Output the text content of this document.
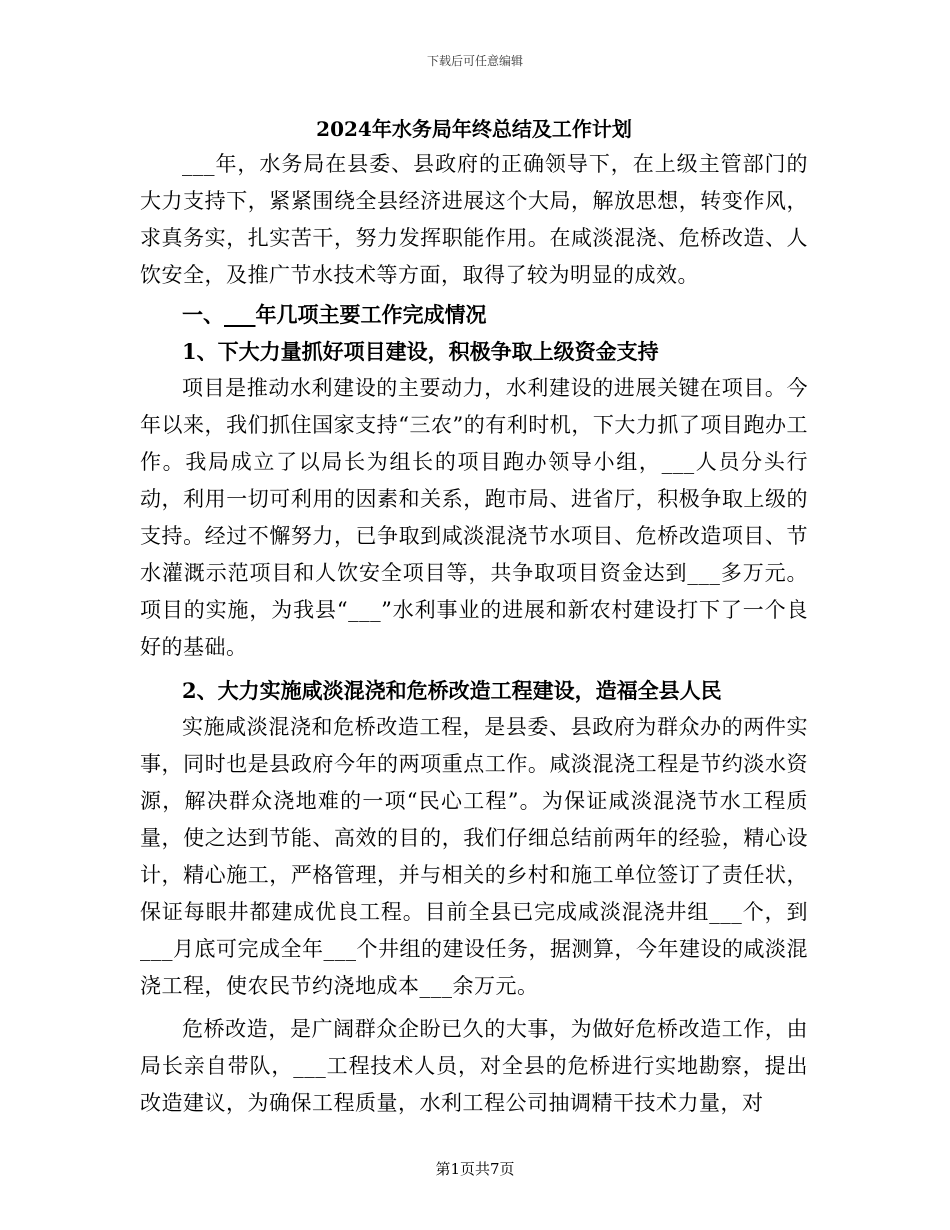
下载后可任意编辑
2024年水务局年终总结及工作计划

___年，水务局在县委、县政府的正确领导下，在上级主管部门的大力支持下，紧紧围绕全县经济进展这个大局，解放思想，转变作风，求真务实，扎实苦干，努力发挥职能作用。在咸淡混浇、危桥改造、人饮安全，及推广节水技术等方面，取得了较为明显的成效。

一、___年几项主要工作完成情况

1、下大力量抓好项目建设，积极争取上级资金支持

项目是推动水利建设的主要动力，水利建设的进展关键在项目。今年以来，我们抓住国家支持“三农”的有利时机，下大力抓了项目跑办工作。我局成立了以局长为组长的项目跑办领导小组，___人员分头行动，利用一切可利用的因素和关系，跑市局、进省厅，积极争取上级的支持。经过不懈努力，已争取到咸淡混浇节水项目、危桥改造项目、节水灌溉示范项目和人饮安全项目等，共争取项目资金达到___多万元。项目的实施，为我县“___”水利事业的进展和新农村建设打下了一个良好的基础。

2、大力实施咸淡混浇和危桥改造工程建设，造福全县人民

实施咸淡混浇和危桥改造工程，是县委、县政府为群众办的两件实事，同时也是县政府今年的两项重点工作。咸淡混浇工程是节约淡水资源，解决群众浇地难的一项“民心工程”。为保证咸淡混浇节水工程质量，使之达到节能、高效的目的，我们仔细总结前两年的经验，精心设计，精心施工，严格管理，并与相关的乡村和施工单位签订了责任状，保证每眼井都建成优良工程。目前全县已完成咸淡混浇井组___个，到___月底可完成全年___个井组的建设任务，据测算，今年建设的咸淡混浇工程，使农民节约浇地成本___余万元。

危桥改造，是广阔群众企盼已久的大事，为做好危桥改造工作，由局长亲自带队，___工程技术人员，对全县的危桥进行实地勘察，提出改造建议，为确保工程质量，水利工程公司抽调精干技术力量，对

第1页共7页
